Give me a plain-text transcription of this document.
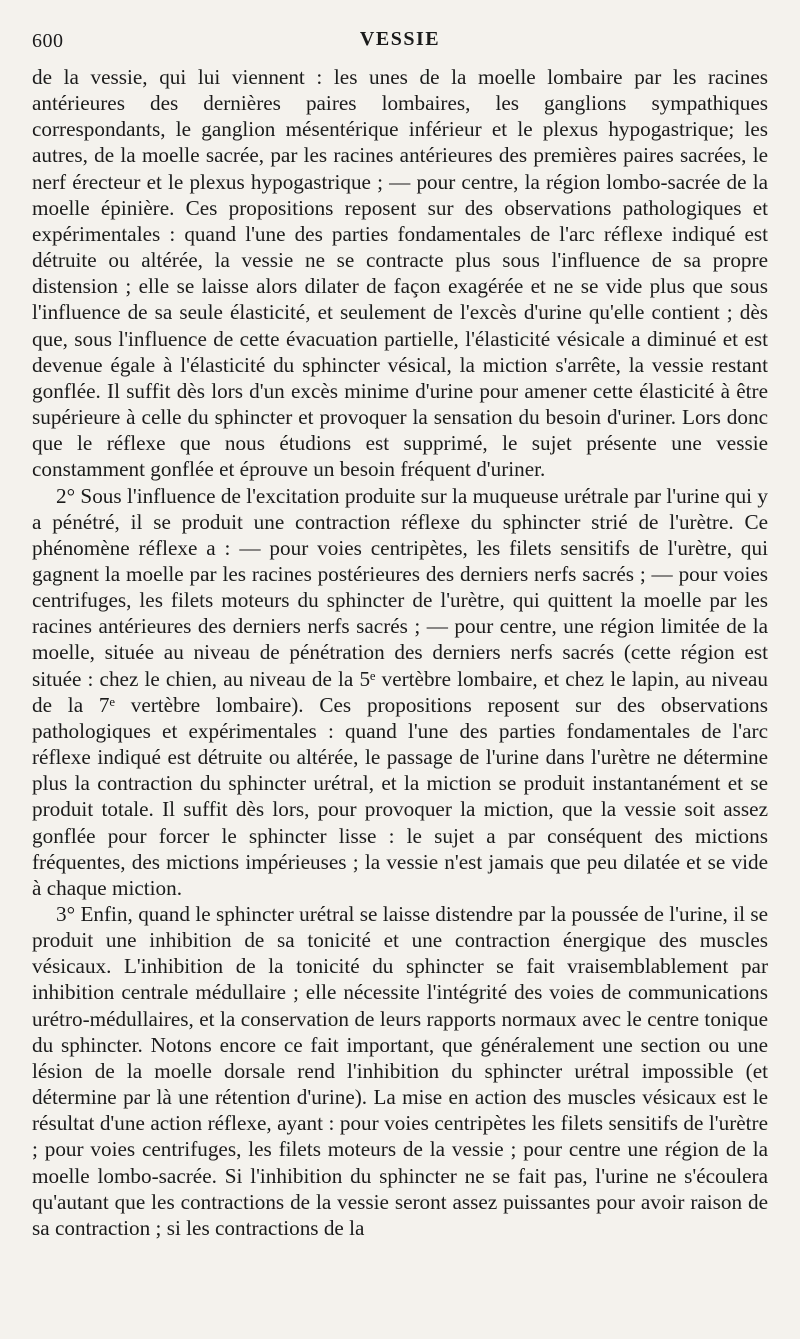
600	VESSIE

de la vessie, qui lui viennent : les unes de la moelle lombaire par les racines antérieures des dernières paires lombaires, les ganglions sympathiques correspondants, le ganglion mésentérique inférieur et le plexus hypogastrique; les autres, de la moelle sacrée, par les racines antérieures des premières paires sacrées, le nerf érecteur et le plexus hypogastrique ; — pour centre, la région lombo-sacrée de la moelle épinière. Ces propositions reposent sur des observations pathologiques et expérimentales : quand l'une des parties fondamentales de l'arc réflexe indiqué est détruite ou altérée, la vessie ne se contracte plus sous l'influence de sa propre distension ; elle se laisse alors dilater de façon exagérée et ne se vide plus que sous l'influence de sa seule élasticité, et seulement de l'excès d'urine qu'elle contient ; dès que, sous l'influence de cette évacuation partielle, l'élasticité vésicale a diminué et est devenue égale à l'élasticité du sphincter vésical, la miction s'arrête, la vessie restant gonflée. Il suffit dès lors d'un excès minime d'urine pour amener cette élasticité à être supérieure à celle du sphincter et provoquer la sensation du besoin d'uriner. Lors donc que le réflexe que nous étudions est supprimé, le sujet présente une vessie constamment gonflée et éprouve un besoin fréquent d'uriner.

2° Sous l'influence de l'excitation produite sur la muqueuse urétrale par l'urine qui y a pénétré, il se produit une contraction réflexe du sphincter strié de l'urètre. Ce phénomène réflexe a : — pour voies centripètes, les filets sensitifs de l'urètre, qui gagnent la moelle par les racines postérieures des derniers nerfs sacrés ; — pour voies centrifuges, les filets moteurs du sphincter de l'urètre, qui quittent la moelle par les racines antérieures des derniers nerfs sacrés ; — pour centre, une région limitée de la moelle, située au niveau de pénétration des derniers nerfs sacrés (cette région est située : chez le chien, au niveau de la 5ᵉ vertèbre lombaire, et chez le lapin, au niveau de la 7ᵉ vertèbre lombaire). Ces propositions reposent sur des observations pathologiques et expérimentales : quand l'une des parties fondamentales de l'arc réflexe indiqué est détruite ou altérée, le passage de l'urine dans l'urètre ne détermine plus la contraction du sphincter urétral, et la miction se produit instantanément et se produit totale. Il suffit dès lors, pour provoquer la miction, que la vessie soit assez gonflée pour forcer le sphincter lisse : le sujet a par conséquent des mictions fréquentes, des mictions impérieuses ; la vessie n'est jamais que peu dilatée et se vide à chaque miction.

3° Enfin, quand le sphincter urétral se laisse distendre par la poussée de l'urine, il se produit une inhibition de sa tonicité et une contraction énergique des muscles vésicaux. L'inhibition de la tonicité du sphincter se fait vraisemblablement par inhibition centrale médullaire ; elle nécessite l'intégrité des voies de communications urétro-médullaires, et la conservation de leurs rapports normaux avec le centre tonique du sphincter. Notons encore ce fait important, que généralement une section ou une lésion de la moelle dorsale rend l'inhibition du sphincter urétral impossible (et détermine par là une rétention d'urine). La mise en action des muscles vésicaux est le résultat d'une action réflexe, ayant : pour voies centripètes les filets sensitifs de l'urètre ; pour voies centrifuges, les filets moteurs de la vessie ; pour centre une région de la moelle lombo-sacrée. Si l'inhibition du sphincter ne se fait pas, l'urine ne s'écoulera qu'autant que les contractions de la vessie seront assez puissantes pour avoir raison de sa contraction ; si les contractions de la
